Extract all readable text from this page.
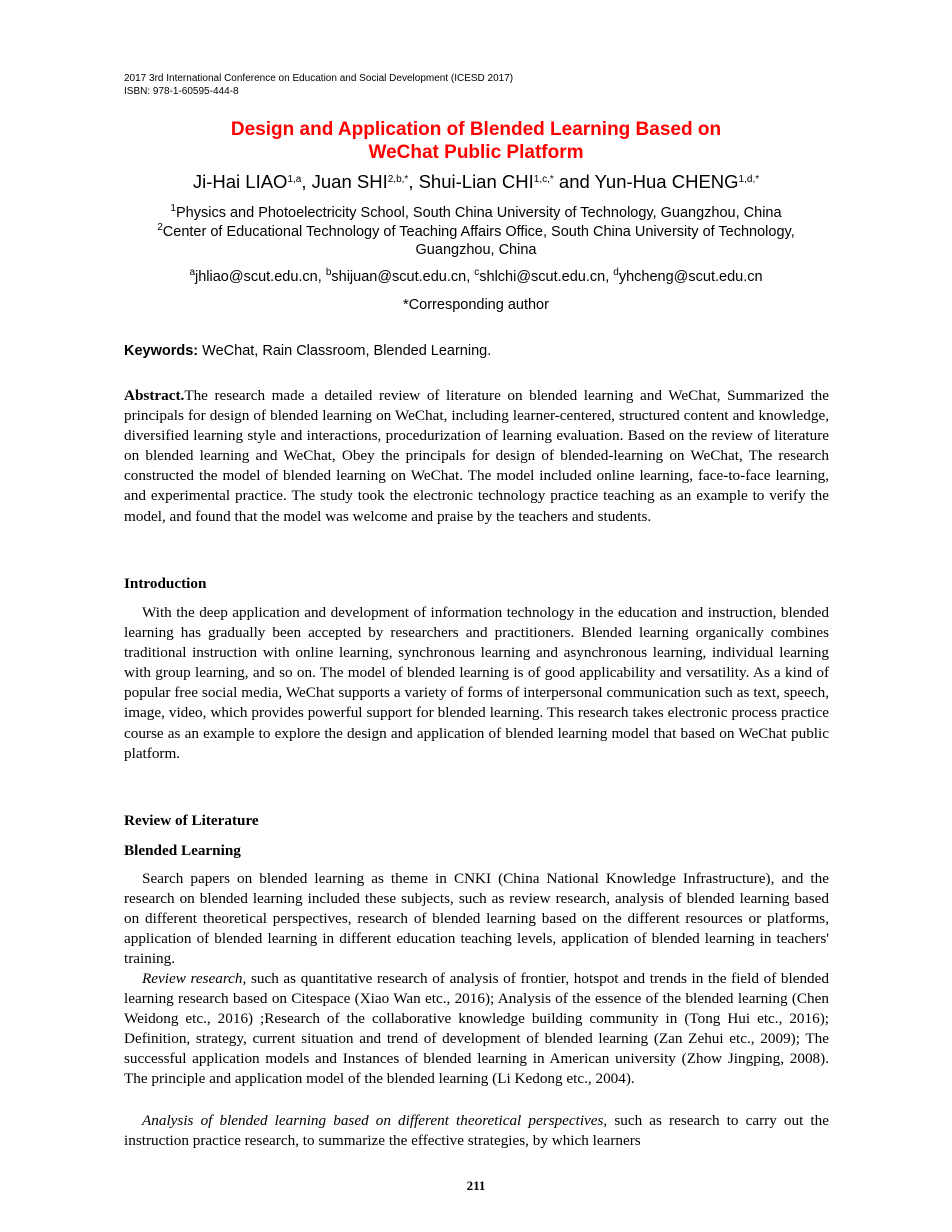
2017 3rd International Conference on Education and Social Development (ICESD 2017)
ISBN: 978-1-60595-444-8
Design and Application of Blended Learning Based on
WeChat Public Platform
Ji-Hai LIAO$^{1,a}$, Juan $SHI^{2,b,*}$, Shui-Lian $CHI^{1,c,*}$ and Yun-Hua $CHENG^{1,d,*}$
$^1$Physics and Photoelectricity School, South China University of Technology, Guangzhou, China
$^2$Center of Educational Technology of Teaching Affairs Office, South China University of Technology, Guangzhou, China
$^a$jhliao@scut.edu.cn, $^b$shijuan@scut.edu.cn, $^c$shlchi@scut.edu.cn, $^d$yhcheng@scut.edu.cn
*Corresponding author
Keywords: WeChat, Rain Classroom, Blended Learning.

Abstract.The research made a detailed review of literature on blended learning and WeChat, Summarized the principals for design of blended learning on WeChat, including learner-centered, structured content and knowledge, diversified learning style and interactions, procedurization of learning evaluation. Based on the review of literature on blended learning and WeChat, Obey the principals for design of blended-learning on WeChat, The research constructed the model of blended learning on WeChat. The model included online learning, face-to-face learning, and experimental practice. The study took the electronic technology practice teaching as an example to verify the model, and found that the model was welcome and praise by the teachers and students.

Introduction

With the deep application and development of information technology in the education and instruction, blended learning has gradually been accepted by researchers and practitioners. Blended learning organically combines traditional instruction with online learning, synchronous learning and asynchronous learning, individual learning with group learning, and so on. The model of blended learning is of good applicability and versatility. As a kind of popular free social media, WeChat supports a variety of forms of interpersonal communication such as text, speech, image, video, which provides powerful support for blended learning. This research takes electronic process practice course as an example to explore the design and application of blended learning model that based on WeChat public platform.

Review of Literature
Blended Learning

Search papers on blended learning as theme in CNKI (China National Knowledge Infrastructure), and the research on blended learning included these subjects, such as review research, analysis of blended learning based on different theoretical perspectives, research of blended learning based on the different resources or platforms, application of blended learning in different education teaching levels, application of blended learning in teachers' training.

Review research, such as quantitative research of analysis of frontier, hotspot and trends in the field of blended learning research based on Citespace (Xiao Wan etc., 2016); Analysis of the essence of the blended learning (Chen Weidong etc., 2016) ;Research of the collaborative knowledge building community in (Tong Hui etc., 2016); Definition, strategy, current situation and trend of development of blended learning (Zan Zehui etc., 2009); The successful application models and Instances of blended learning in American university (Zhow Jingping, 2008). The principle and application model of the blended learning (Li Kedong etc., 2004).

Analysis of blended learning based on different theoretical perspectives, such as research to carry out the instruction practice research, to summarize the effective strategies, by which learners

211
